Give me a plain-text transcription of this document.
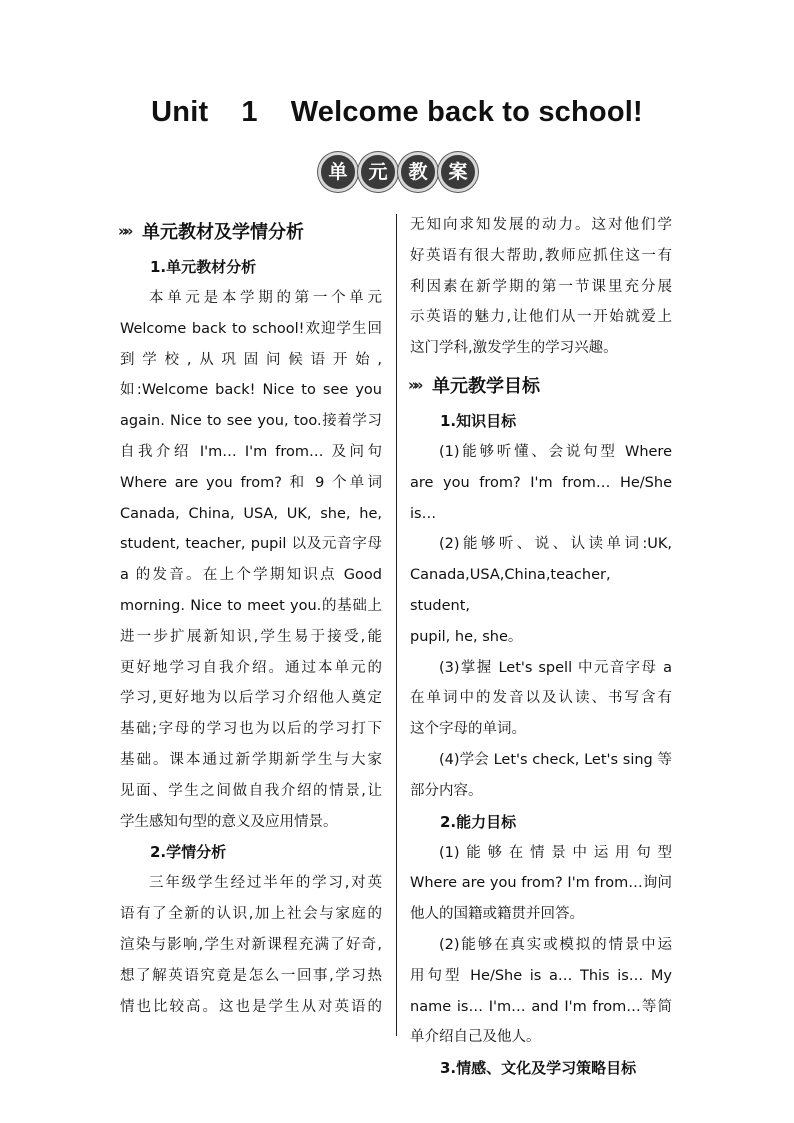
Unit    1    Welcome back to school!
单	元	教	案
»» 单元教材及学情分析
1.单元教材分析
本单元是本学期的第一个单元
Welcome back to school!欢迎学生回
到学校,从巩固问候语开始,
如:Welcome back! Nice to see you
again. Nice to see you, too.接着学习
自我介绍 I'm… I'm from… 及问句
Where are you from? 和 9 个单词
Canada, China, USA, UK, she, he,
student, teacher, pupil 以及元音字母
a 的发音。在上个学期知识点 Good
morning. Nice to meet you.的基础上
进一步扩展新知识,学生易于接受,能
更好地学习自我介绍。通过本单元的
学习,更好地为以后学习介绍他人奠定
基础;字母的学习也为以后的学习打下
基础。课本通过新学期新学生与大家
见面、学生之间做自我介绍的情景,让
学生感知句型的意义及应用情景。
2.学情分析
三年级学生经过半年的学习,对英
语有了全新的认识,加上社会与家庭的
渲染与影响,学生对新课程充满了好奇,
想了解英语究竟是怎么一回事,学习热
情也比较高。这也是学生从对英语的
无知向求知发展的动力。这对他们学
好英语有很大帮助,教师应抓住这一有
利因素在新学期的第一节课里充分展
示英语的魅力,让他们从一开始就爱上
这门学科,激发学生的学习兴趣。
»» 单元教学目标
1.知识目标
(1)能够听懂、会说句型 Where
are you from? I'm from… He/She is…
(2)能够听、说、认读单词:UK,
Canada,USA,China,teacher, student,
pupil, he, she。
(3)掌握 Let's spell 中元音字母 a
在单词中的发音以及认读、书写含有
这个字母的单词。
(4)学会 Let's check, Let's sing 等
部分内容。
2.能力目标
(1)能够在情景中运用句型
Where are you from? I'm from…询问
他人的国籍或籍贯并回答。
(2)能够在真实或模拟的情景中运
用句型 He/She is a… This is… My
name is… I'm… and I'm from…等简
单介绍自己及他人。
3.情感、文化及学习策略目标
